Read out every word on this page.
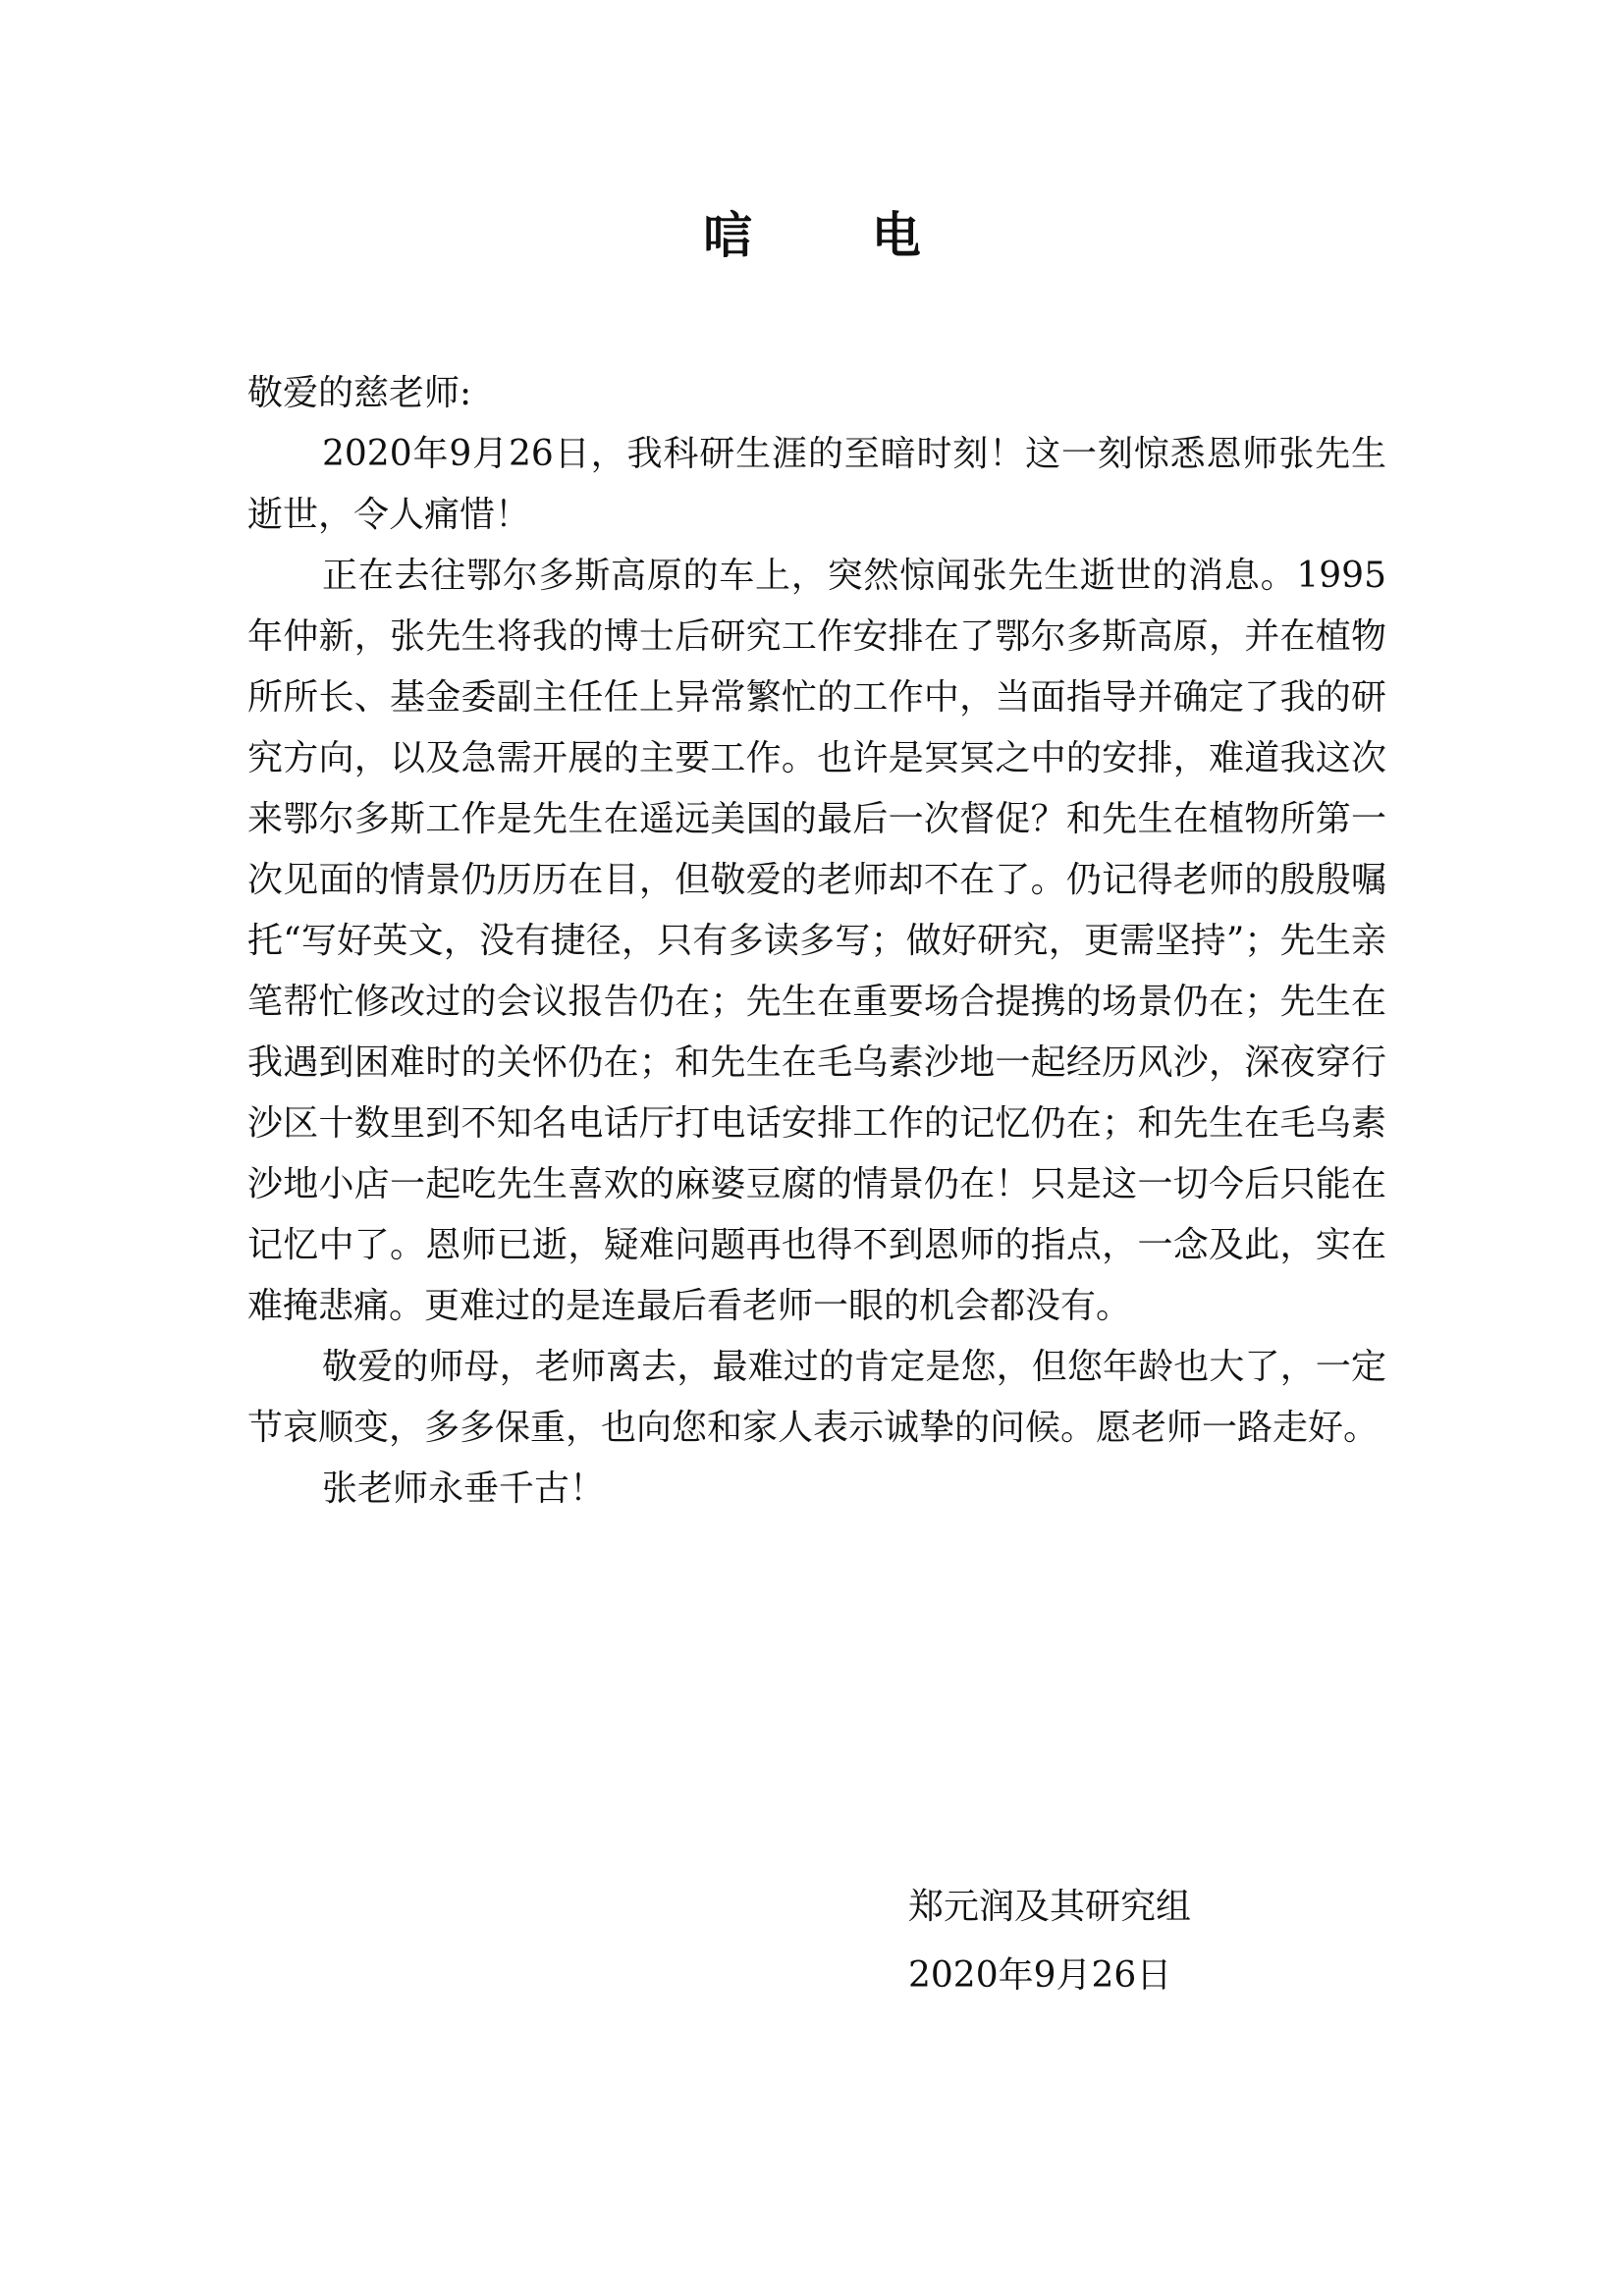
唁 电

敬爱的慈老师:

2020年9月26日，我科研生涯的至暗时刻！这一刻惊悉恩师张先生逝世，令人痛惜！

正在去往鄂尔多斯高原的车上，突然惊闻张先生逝世的消息。1995年仲新，张先生将我的博士后研究工作安排在了鄂尔多斯高原，并在植物所所长、基金委副主任任上异常繁忙的工作中，当面指导并确定了我的研究方向，以及急需开展的主要工作。也许是冥冥之中的安排，难道我这次来鄂尔多斯工作是先生在遥远美国的最后一次督促？和先生在植物所第一次见面的情景仍历历在目，但敬爱的老师却不在了。仍记得老师的殷殷嘱托“写好英文，没有捷径，只有多读多写；做好研究，更需坚持”；先生亲笔帮忙修改过的会议报告仍在；先生在重要场合提携的场景仍在；先生在我遇到困难时的关怀仍在；和先生在毛乌素沙地一起经历风沙，深夜穿行沙区十数里到不知名电话厅打电话安排工作的记忆仍在；和先生在毛乌素沙地小店一起吃先生喜欢的麻婆豆腐的情景仍在！只是这一切今后只能在记忆中了。恩师已逝，疑难问题再也得不到恩师的指点，一念及此，实在难掩悲痛。更难过的是连最后看老师一眼的机会都没有。

敬爱的师母，老师离去，最难过的肯定是您，但您年龄也大了，一定节哀顺变，多多保重，也向您和家人表示诚挚的问候。愿老师一路走好。

张老师永垂千古！

郑元润及其研究组
2020年9月26日
